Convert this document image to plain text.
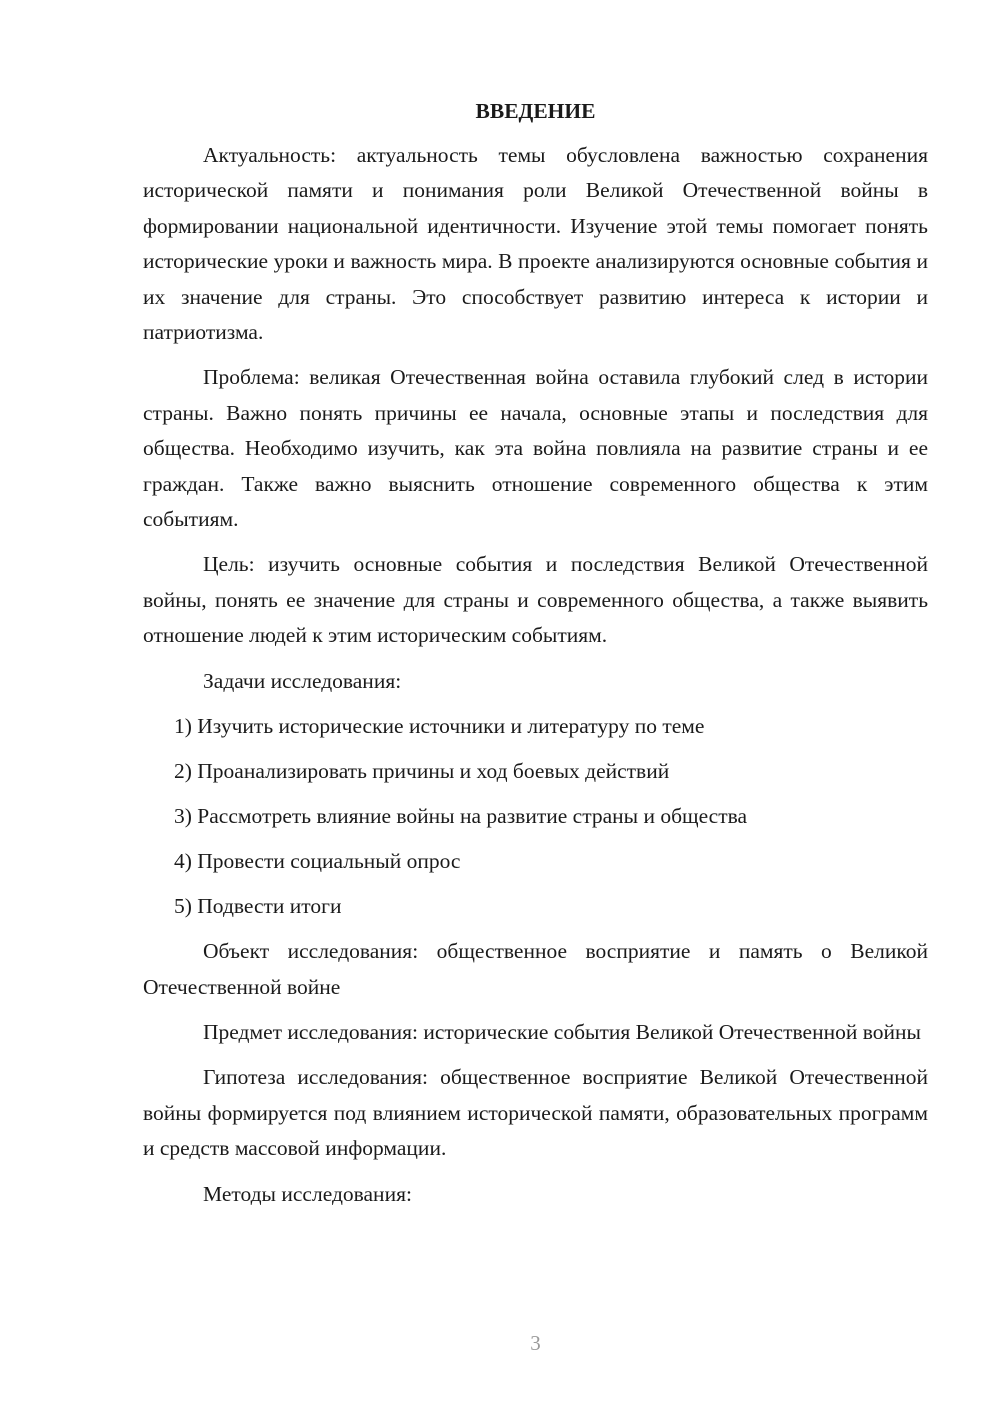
ВВЕДЕНИЕ

Актуальность: актуальность темы обусловлена важностью сохранения исторической памяти и понимания роли Великой Отечественной войны в формировании национальной идентичности. Изучение этой темы помогает понять исторические уроки и важность мира. В проекте анализируются основные события и их значение для страны. Это способствует развитию интереса к истории и патриотизма.

Проблема: великая Отечественная война оставила глубокий след в истории страны. Важно понять причины ее начала, основные этапы и последствия для общества. Необходимо изучить, как эта война повлияла на развитие страны и ее граждан. Также важно выяснить отношение современного общества к этим событиям.

Цель: изучить основные события и последствия Великой Отечественной войны, понять ее значение для страны и современного общества, а также выявить отношение людей к этим историческим событиям.

Задачи исследования:

1) Изучить исторические источники и литературу по теме
2) Проанализировать причины и ход боевых действий
3) Рассмотреть влияние войны на развитие страны и общества
4) Провести социальный опрос
5) Подвести итоги

Объект исследования: общественное восприятие и память о Великой Отечественной войне

Предмет исследования: исторические события Великой Отечественной войны

Гипотеза исследования: общественное восприятие Великой Отечественной войны формируется под влиянием исторической памяти, образовательных программ и средств массовой информации.

Методы исследования:

3
